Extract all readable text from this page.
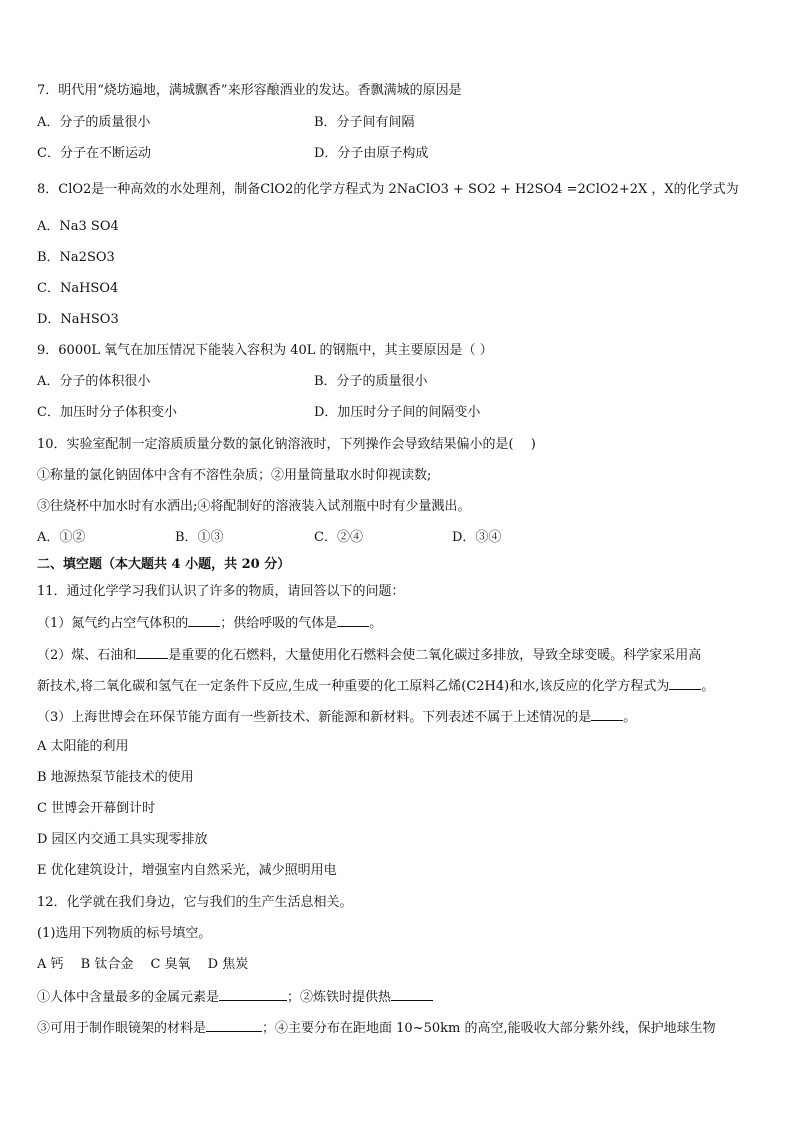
7．明代用“烧坊遍地，满城飘香”来形容酿酒业的发达。香飘满城的原因是
A．分子的质量很小	B．分子间有间隔
C．分子在不断运动	D．分子由原子构成
8．ClO2是一种高效的水处理剂，制备ClO2的化学方程式为 2NaClO3 + SO2 + H2SO4 =2ClO2+2X ，X的化学式为
A．Na3 SO4
B．Na2SO3
C．NaHSO4
D．NaHSO3
9．6000L 氧气在加压情况下能装入容积为 40L 的钢瓶中，其主要原因是（ ）
A．分子的体积很小	B．分子的质量很小
C．加压时分子体积变小	D．加压时分子间的间隔变小
10．实验室配制一定溶质质量分数的氯化钠溶液时，下列操作会导致结果偏小的是(　 )
①称量的氯化钠固体中含有不溶性杂质；②用量筒量取水时仰视读数;
③往烧杯中加水时有水洒出;④将配制好的溶液装入试剂瓶中时有少量溅出。
A．①②	B．①③	C．②④	D．③④
二、填空题（本大题共 4 小题，共 20 分）
11．通过化学学习我们认识了许多的物质，请回答以下的问题：
（1）氮气约占空气体积的 ；供给呼吸的气体是 。
（2）煤、石油和 是重要的化石燃料，大量使用化石燃料会使二氧化碳过多排放，导致全球变暖。科学家采用高
新技术,将二氧化碳和氢气在一定条件下反应,生成一种重要的化工原料乙烯(C2H4)和水,该反应的化学方程式为 。
（3）上海世博会在环保节能方面有一些新技术、新能源和新材料。下列表述不属于上述情况的是 。
A 太阳能的利用
B 地源热泵节能技术的使用
C 世博会开幕倒计时
D 园区内交通工具实现零排放
E 优化建筑设计，增强室内自然采光，减少照明用电
12．化学就在我们身边，它与我们的生产生活息相关。
(1)选用下列物质的标号填空。
A 钙　 B 钛合金　 C 臭氧　 D 焦炭
①人体中含量最多的金属元素是	；②炼铁时提供热
③可用于制作眼镜架的材料是	；④主要分布在距地面 10~50km 的高空,能吸收大部分紫外线，保护地球生物
